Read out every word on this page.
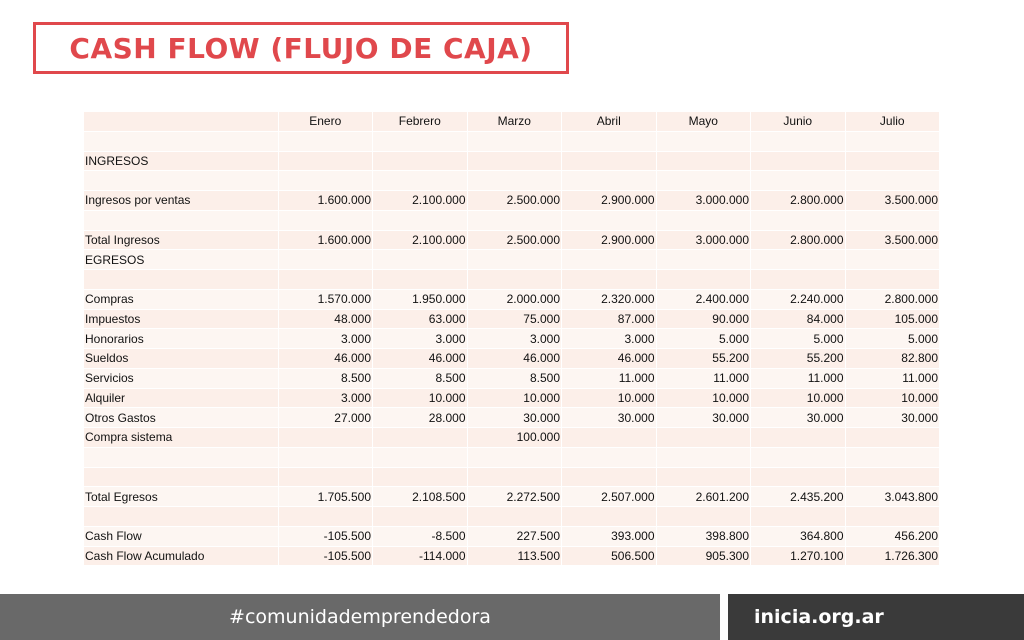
CASH FLOW (FLUJO DE CAJA)
	Enero	Febrero	Marzo	Abril	Mayo	Junio	Julio

INGRESOS							

Ingresos por ventas	1.600.000	2.100.000	2.500.000	2.900.000	3.000.000	2.800.000	3.500.000

Total Ingresos	1.600.000	2.100.000	2.500.000	2.900.000	3.000.000	2.800.000	3.500.000
EGRESOS							

Compras	1.570.000	1.950.000	2.000.000	2.320.000	2.400.000	2.240.000	2.800.000
Impuestos	48.000	63.000	75.000	87.000	90.000	84.000	105.000
Honorarios	3.000	3.000	3.000	3.000	5.000	5.000	5.000
Sueldos	46.000	46.000	46.000	46.000	55.200	55.200	82.800
Servicios	8.500	8.500	8.500	11.000	11.000	11.000	11.000
Alquiler	3.000	10.000	10.000	10.000	10.000	10.000	10.000
Otros Gastos	27.000	28.000	30.000	30.000	30.000	30.000	30.000
Compra sistema			100.000				

Total Egresos	1.705.500	2.108.500	2.272.500	2.507.000	2.601.200	2.435.200	3.043.800

Cash Flow	-105.500	-8.500	227.500	393.000	398.800	364.800	456.200
Cash Flow Acumulado	-105.500	-114.000	113.500	506.500	905.300	1.270.100	1.726.300
#comunidademprendedora	inicia.org.ar
